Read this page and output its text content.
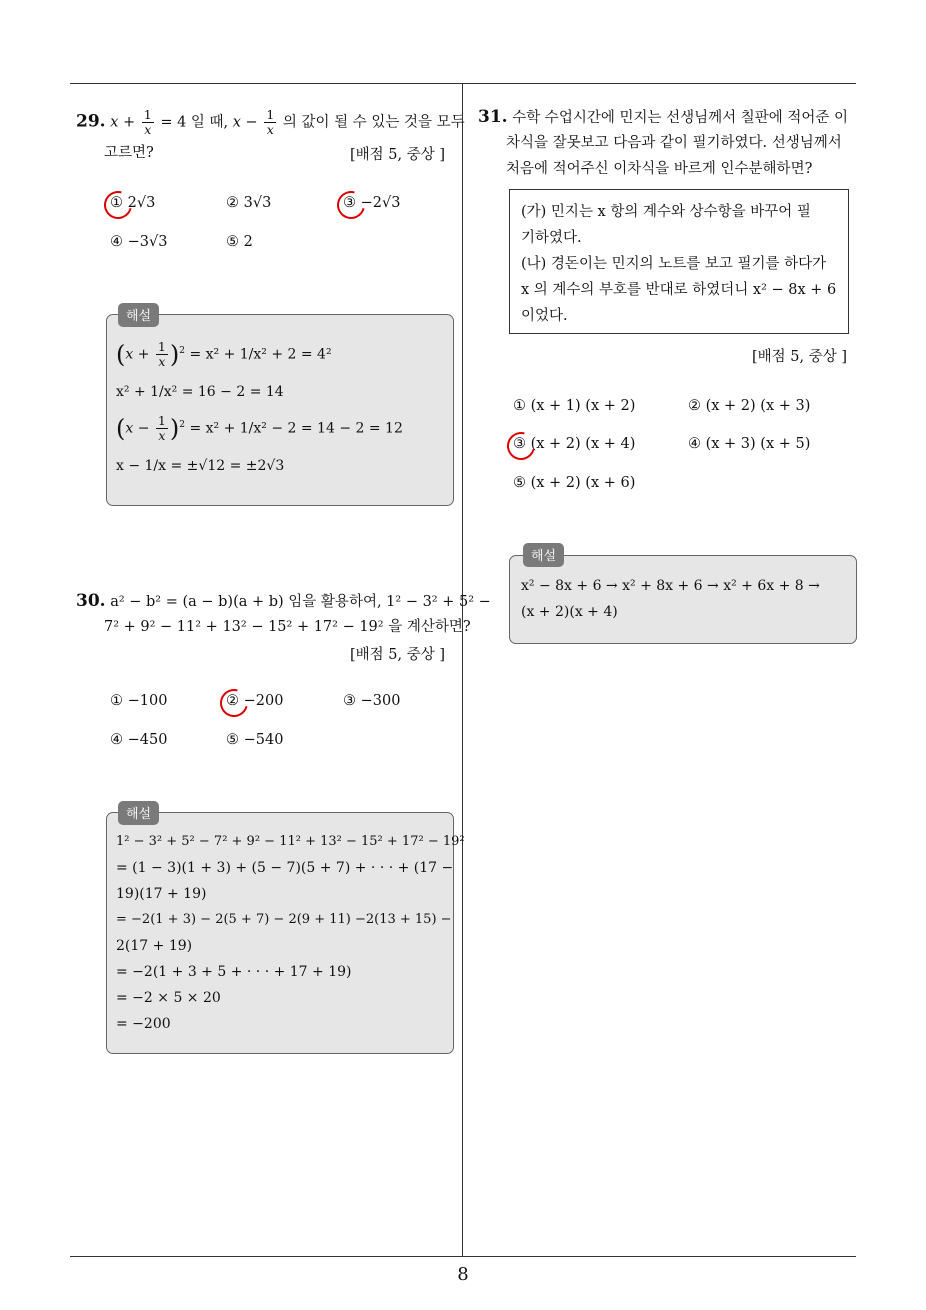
8
29. $x + \frac{1}{x} = 4$ 일 때, $x - \frac{1}{x}$ 의 값이 될 수 있는 것을 모두
고르면?	[배점 5, 중상 ]
① 2√3	② 3√3	③ −2√3
④ −3√3	⑤ 2
해설
$(x + \frac{1}{x} )^2 = x^2 + 1/x^2 + 2 = 4^2$
x² + 1/x² = 16 − 2 = 14
$(x - \frac{1}{x} )^2 = x^2 + 1/x^2 - 2 = 14 - 2 = 12$
x − 1/x = ±√12 = ±2√3
30. a² − b² = (a − b)(a + b) 임을 활용하여, 1² − 3² + 5² −
7² + 9² − 11² + 13² − 15² + 17² − 19² 을 계산하면?
[배점 5, 중상 ]
① −100	② −200	③ −300
④ −450	⑤ −540
해설
1² − 3² + 5² − 7² + 9² − 11² + 13² − 15² + 17² − 19²
= (1 − 3)(1 + 3) + (5 − 7)(5 + 7) + · · · + (17 −
19)(17 + 19)
= −2(1 + 3) − 2(5 + 7) − 2(9 + 11) −2(13 + 15) −
2(17 + 19)
= −2(1 + 3 + 5 + · · · + 17 + 19)
= −2 × 5 × 20
= −200
31. 수학 수업시간에 민지는 선생님께서 칠판에 적어준 이
차식을 잘못보고 다음과 같이 필기하였다. 선생님께서
처음에 적어주신 이차식을 바르게 인수분해하면?
(가) 민지는 x 항의 계수와 상수항을 바꾸어 필
기하였다.
(나) 경돈이는 민지의 노트를 보고 필기를 하다가
x 의 계수의 부호를 반대로 하였더니 x² − 8x + 6
이었다.
[배점 5, 중상 ]
① (x + 1) (x + 2)	② (x + 2) (x + 3)
③ (x + 2) (x + 4)	④ (x + 3) (x + 5)
⑤ (x + 2) (x + 6)
해설
x² − 8x + 6 → x² + 8x + 6 → x² + 6x + 8 →
(x + 2)(x + 4)
